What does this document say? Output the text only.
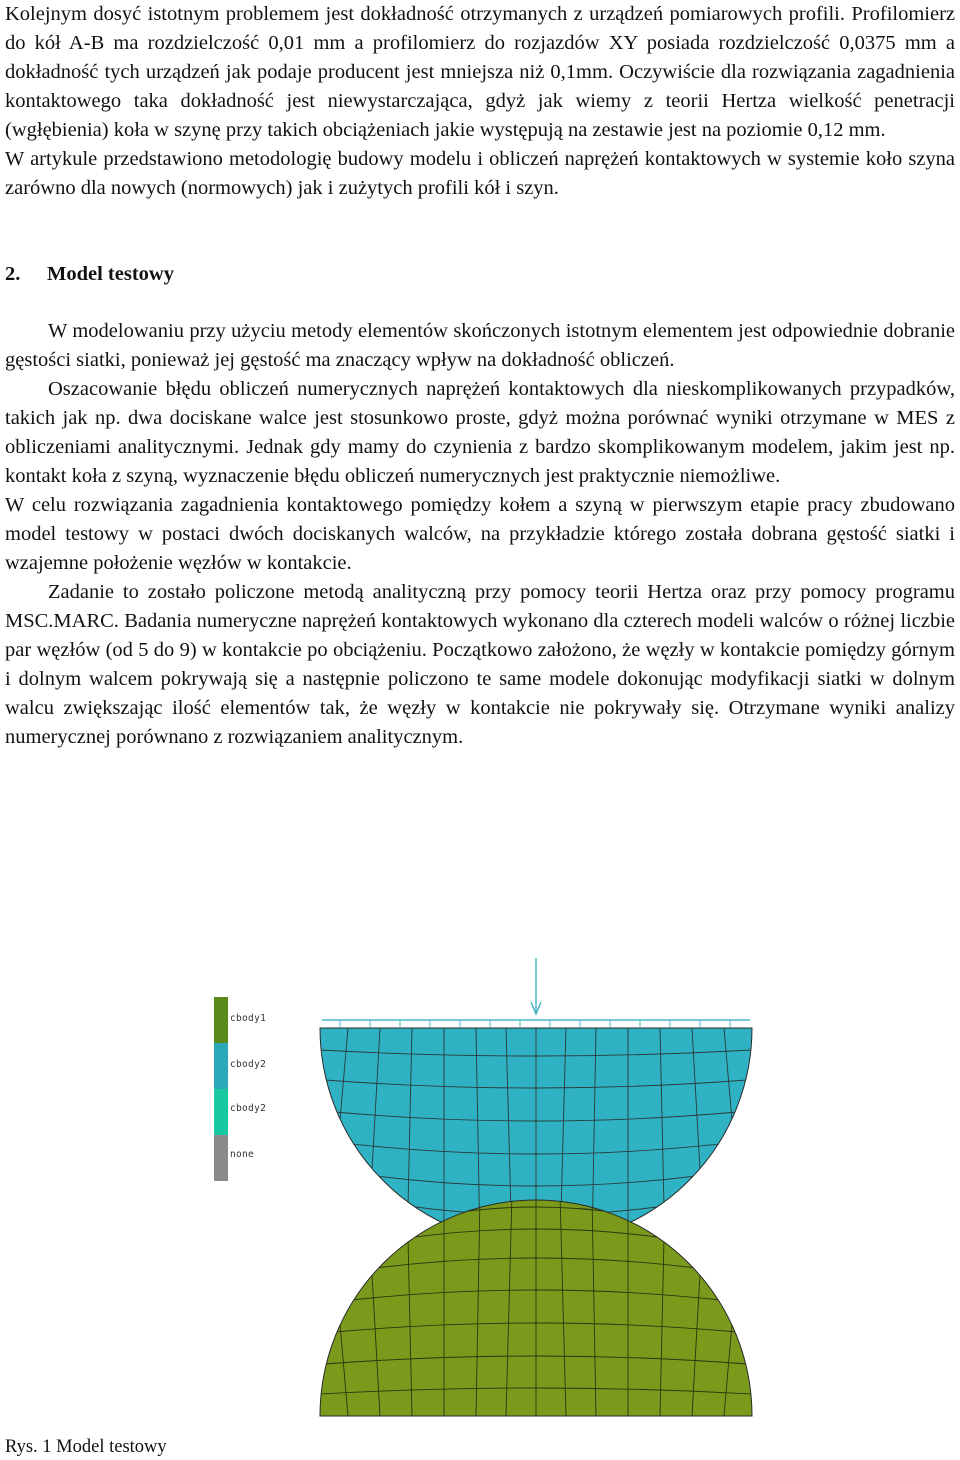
Kolejnym dosyć istotnym problemem jest dokładność otrzymanych z urządzeń pomiarowych profili. Profilomierz do kół A-B ma rozdzielczość 0,01 mm a profilomierz do rozjazdów XY posiada rozdzielczość 0,0375 mm a dokładność tych urządzeń jak podaje producent jest mniejsza niż 0,1mm. Oczywiście dla rozwiązania zagadnienia kontaktowego taka dokładność jest niewystarczająca, gdyż jak wiemy z teorii Hertza wielkość penetracji (wgłębienia) koła w szynę przy takich obciążeniach jakie występują na zestawie jest na poziomie 0,12 mm.

W artykule przedstawiono metodologię budowy modelu i obliczeń naprężeń kontaktowych w systemie koło szyna zarówno dla nowych (normowych) jak i zużytych profili kół i szyn.

2. Model testowy

W modelowaniu przy użyciu metody elementów skończonych istotnym elementem jest odpowiednie dobranie gęstości siatki, ponieważ jej gęstość ma znaczący wpływ na dokładność obliczeń.

Oszacowanie błędu obliczeń numerycznych naprężeń kontaktowych dla nieskomplikowanych przypadków, takich jak np. dwa dociskane walce jest stosunkowo proste, gdyż można porównać wyniki otrzymane w MES z obliczeniami analitycznymi. Jednak gdy mamy do czynienia z bardzo skomplikowanym modelem, jakim jest np. kontakt koła z szyną, wyznaczenie błędu obliczeń numerycznych jest praktycznie niemożliwe.

W celu rozwiązania zagadnienia kontaktowego pomiędzy kołem a szyną w pierwszym etapie pracy zbudowano model testowy w postaci dwóch dociskanych walców, na przykładzie którego została dobrana gęstość siatki i wzajemne położenie węzłów w kontakcie.

Zadanie to zostało policzone metodą analityczną przy pomocy teorii Hertza oraz przy pomocy programu MSC.MARC. Badania numeryczne naprężeń kontaktowych wykonano dla czterech modeli walców o różnej liczbie par węzłów (od 5 do 9) w kontakcie po obciążeniu. Początkowo założono, że węzły w kontakcie pomiędzy górnym i dolnym walcem pokrywają się a następnie policzono te same modele dokonując modyfikacji siatki w dolnym walcu zwiększając ilość elementów tak, że węzły w kontakcie nie pokrywały się. Otrzymane wyniki analizy numerycznej porównano z rozwiązaniem analitycznym.

cbody1
cbody2
cbody2
none
Rys. 1 Model testowy
